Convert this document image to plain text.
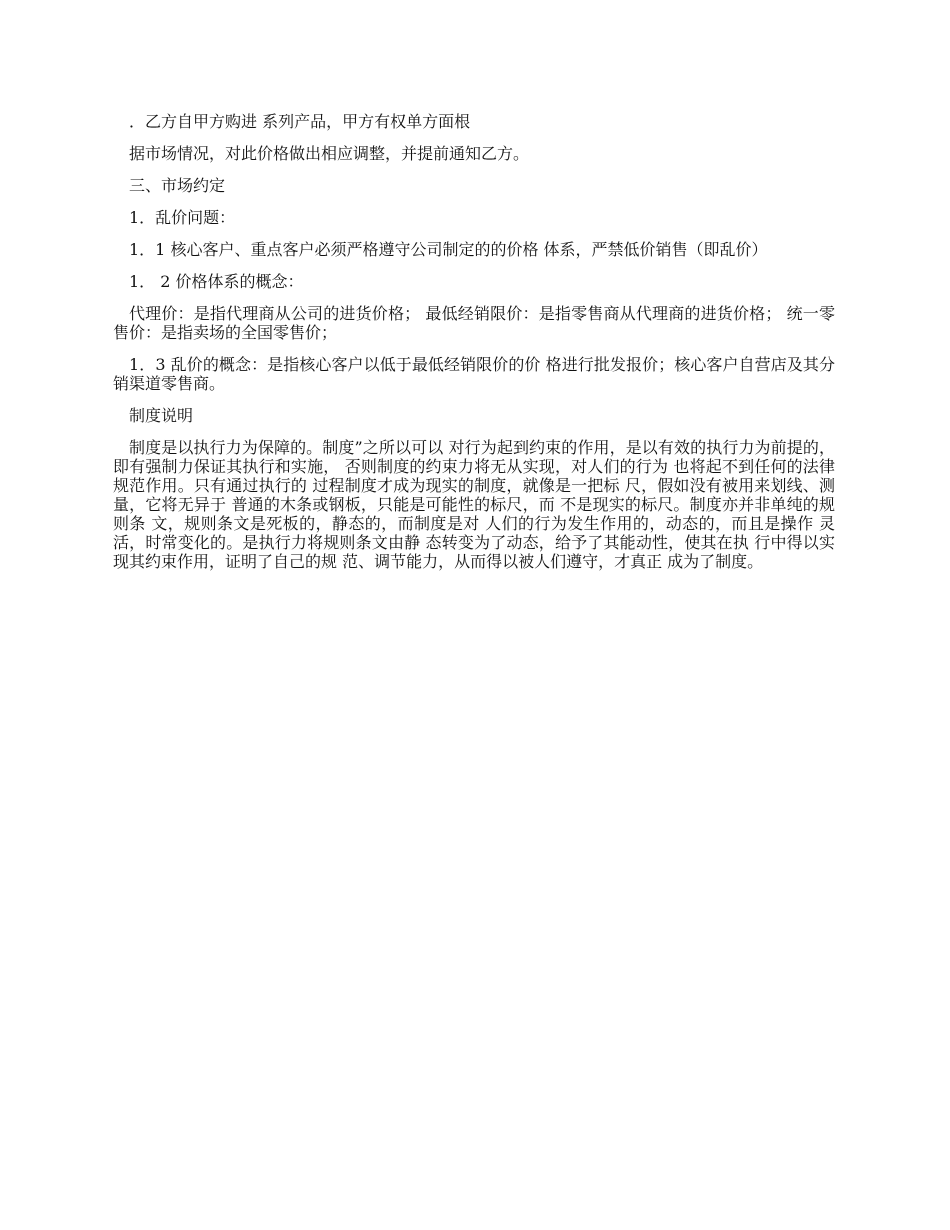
．乙方自甲方购进 系列产品，甲方有权单方面根

据市场情况，对此价格做出相应调整，并提前通知乙方。

三、市场约定

1．乱价问题：

1．1 核心客户、重点客户必须严格遵守公司制定的的价格 体系，严禁低价销售（即乱价）

1． 2 价格体系的概念：

代理价：是指代理商从公司的进货价格； 最低经销限价：是指零售商从代理商的进货价格； 统一零售价：是指卖场的全国零售价；

1．3 乱价的概念：是指核心客户以低于最低经销限价的价 格进行批发报价；核心客户自营店及其分销渠道零售商。

制度说明

制度是以执行力为保障的。制度”之所以可以 对行为起到约束的作用，是以有效的执行力为前提的，即有强制力保证其执行和实施， 否则制度的约束力将无从实现，对人们的行为 也将起不到任何的法律规范作用。只有通过执行的 过程制度才成为现实的制度，就像是一把标 尺，假如没有被用来划线、测量，它将无异于 普通的木条或钢板，只能是可能性的标尺，而 不是现实的标尺。制度亦并非单纯的规则条 文，规则条文是死板的，静态的，而制度是对 人们的行为发生作用的，动态的，而且是操作 灵活，时常变化的。是执行力将规则条文由静 态转变为了动态，给予了其能动性，使其在执 行中得以实现其约束作用，证明了自己的规 范、调节能力，从而得以被人们遵守，才真正 成为了制度。
